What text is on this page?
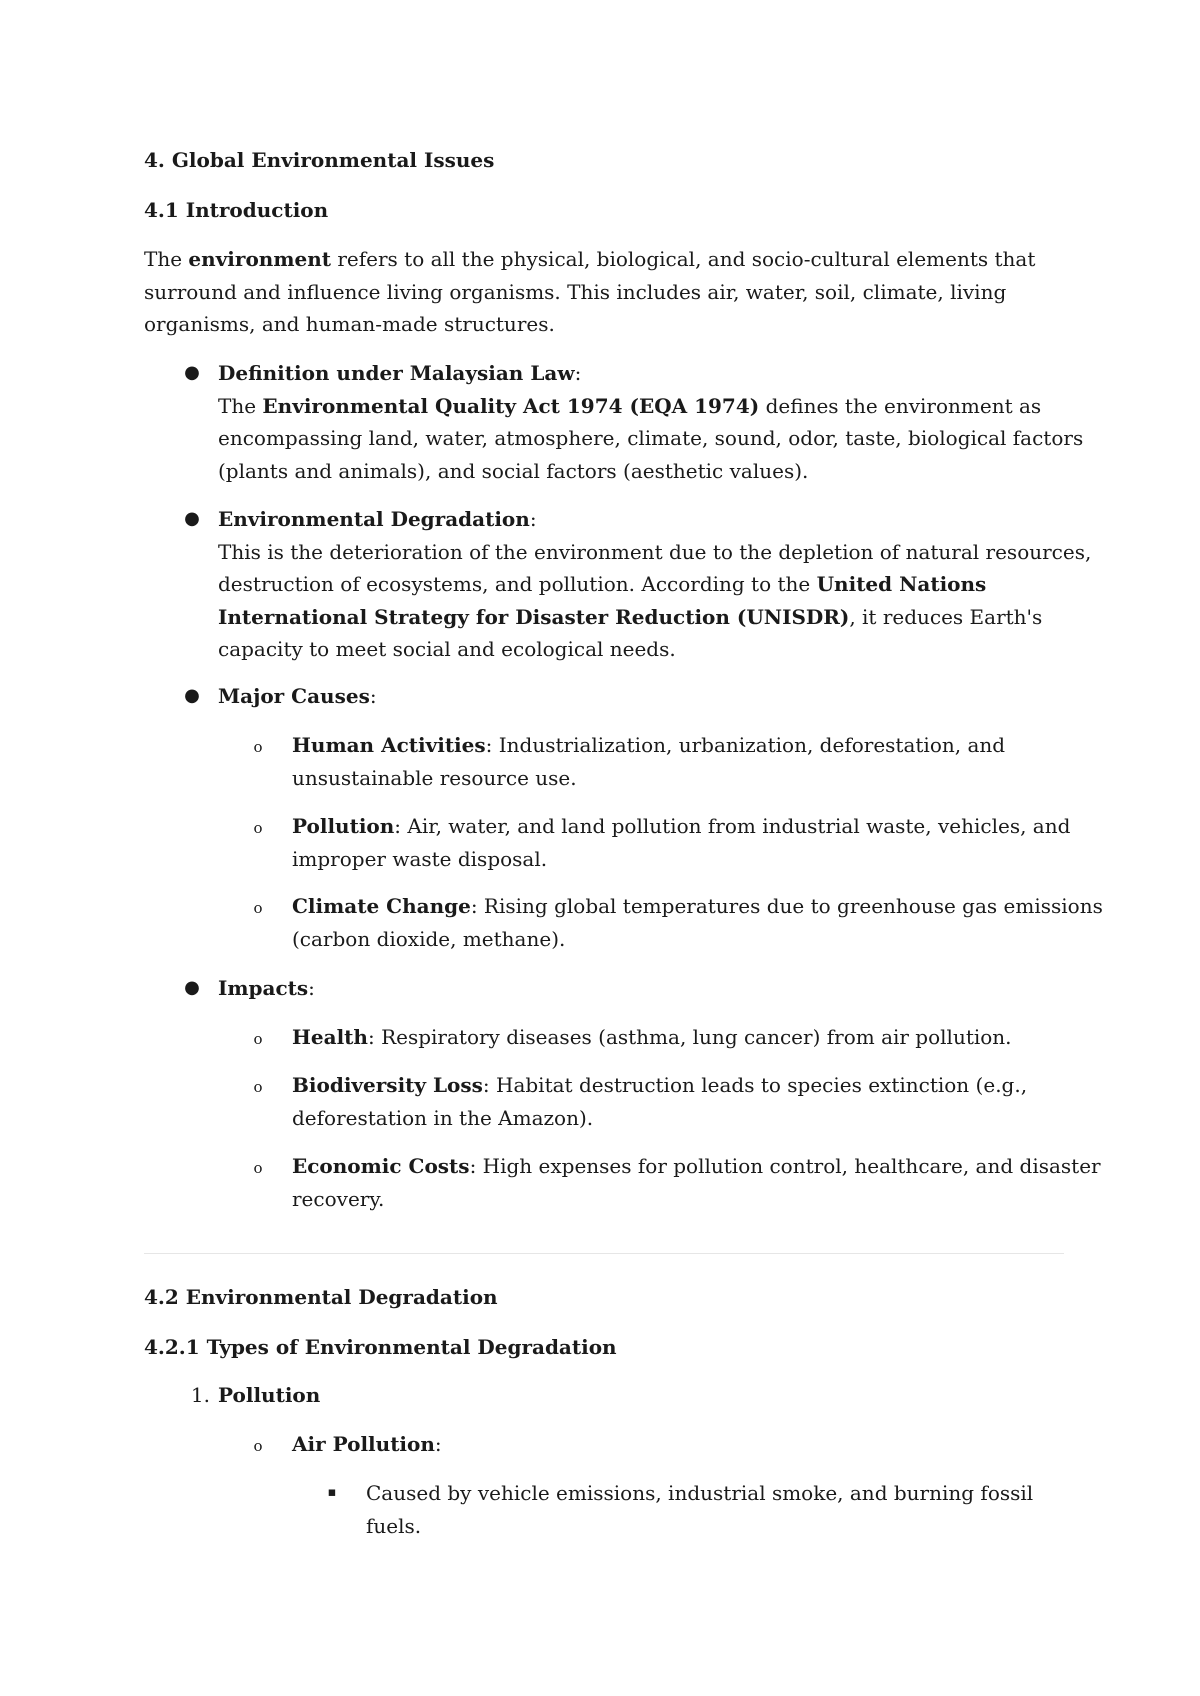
4. Global Environmental Issues
4.1 Introduction
The environment refers to all the physical, biological, and socio-cultural elements that
surround and influence living organisms. This includes air, water, soil, climate, living
organisms, and human-made structures.
● Definition under Malaysian Law:
The Environmental Quality Act 1974 (EQA 1974) defines the environment as
encompassing land, water, atmosphere, climate, sound, odor, taste, biological factors
(plants and animals), and social factors (aesthetic values).
● Environmental Degradation:
This is the deterioration of the environment due to the depletion of natural resources,
destruction of ecosystems, and pollution. According to the United Nations
International Strategy for Disaster Reduction (UNISDR), it reduces Earth's
capacity to meet social and ecological needs.
● Major Causes:
o Human Activities: Industrialization, urbanization, deforestation, and
unsustainable resource use.
o Pollution: Air, water, and land pollution from industrial waste, vehicles, and
improper waste disposal.
o Climate Change: Rising global temperatures due to greenhouse gas emissions
(carbon dioxide, methane).
● Impacts:
o Health: Respiratory diseases (asthma, lung cancer) from air pollution.
o Biodiversity Loss: Habitat destruction leads to species extinction (e.g.,
deforestation in the Amazon).
o Economic Costs: High expenses for pollution control, healthcare, and disaster
recovery.
4.2 Environmental Degradation
4.2.1 Types of Environmental Degradation
1. Pollution
o Air Pollution:
▪ Caused by vehicle emissions, industrial smoke, and burning fossil
fuels.
